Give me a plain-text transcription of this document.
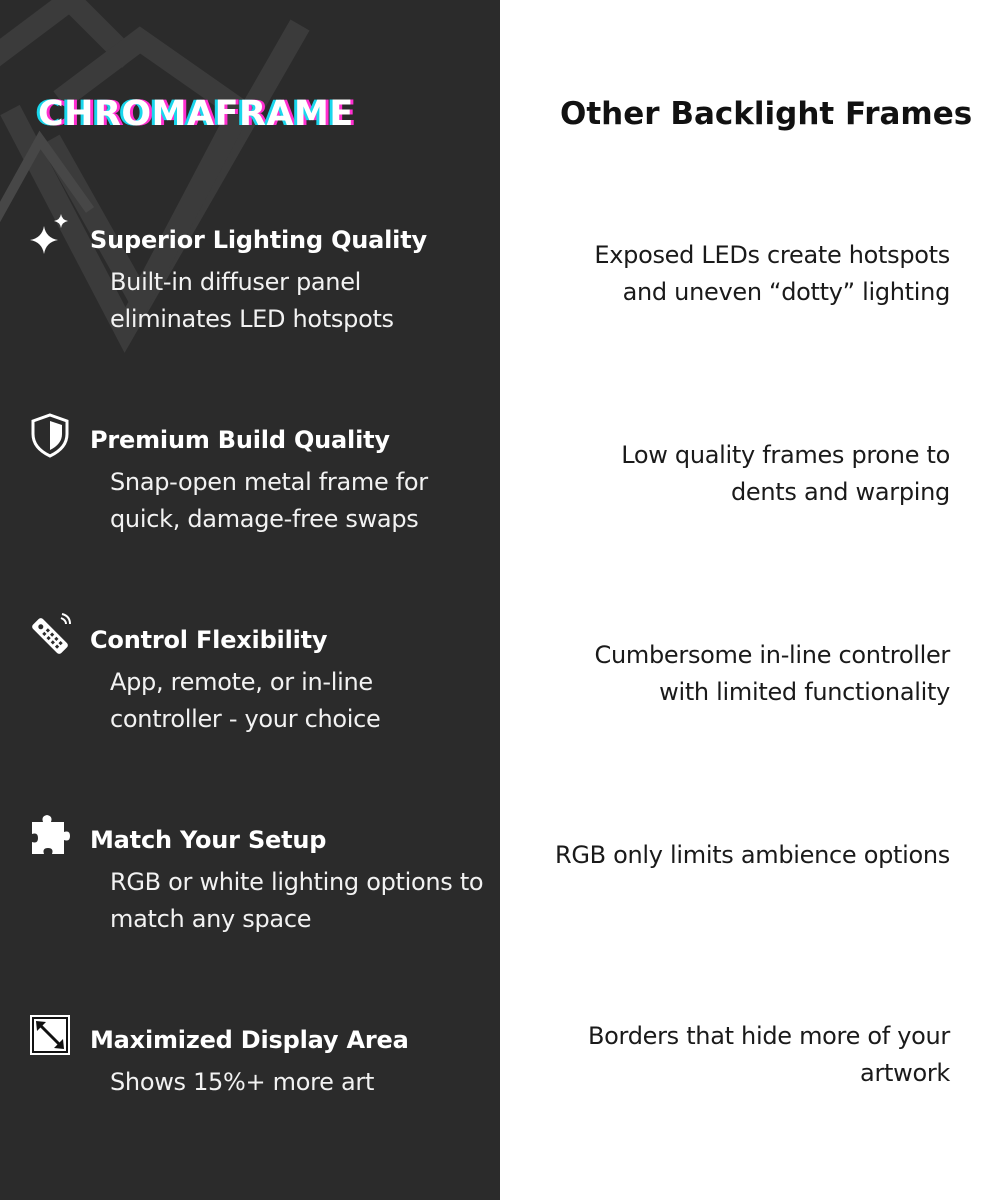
CHROMAFRAME
Superior Lighting Quality
Built-in diffuser panel eliminates LED hotspots
Premium Build Quality
Snap-open metal frame for quick, damage-free swaps
Control Flexibility
App, remote, or in-line controller - your choice
Match Your Setup
RGB or white lighting options to match any space
Maximized Display Area
Shows 15%+ more art
Other Backlight Frames
Exposed LEDs create hotspots and uneven “dotty” lighting
Low quality frames prone to dents and warping
Cumbersome in-line controller with limited functionality
RGB only limits ambience options
Borders that hide more of your artwork
